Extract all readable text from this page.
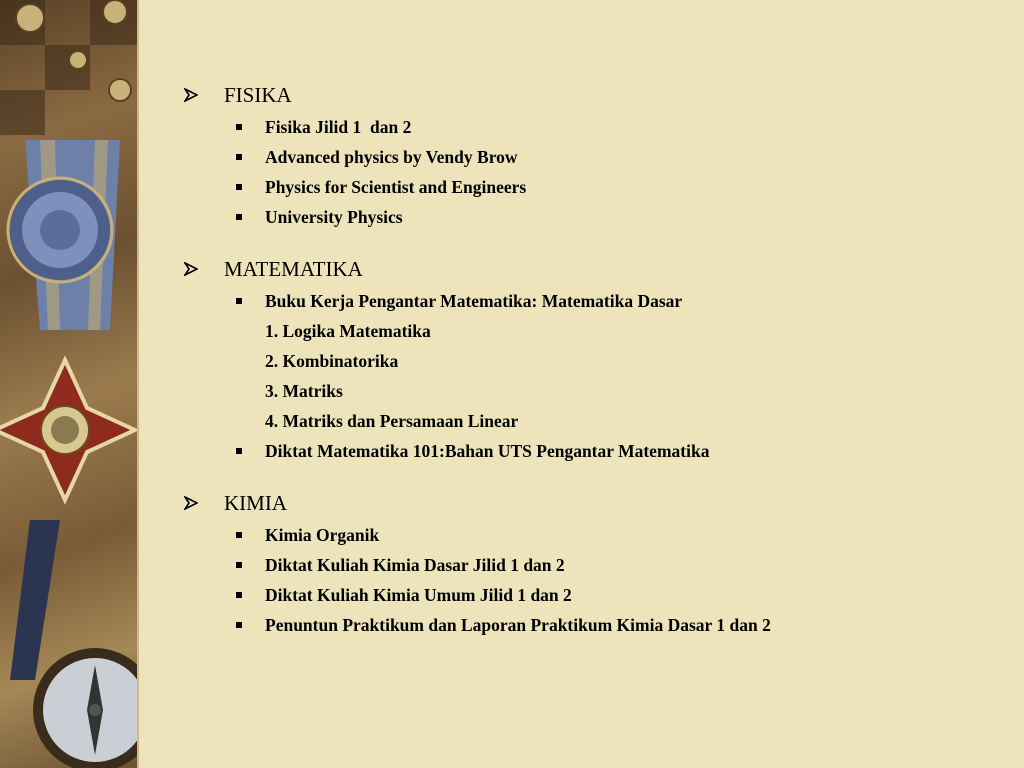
FISIKA
Fisika Jilid 1  dan 2
Advanced physics by Vendy Brow
Physics for Scientist and Engineers
University Physics
MATEMATIKA
Buku Kerja Pengantar Matematika: Matematika Dasar
1. Logika Matematika
2. Kombinatorika
3. Matriks
4. Matriks dan Persamaan Linear
Diktat Matematika 101:Bahan UTS Pengantar Matematika
KIMIA
Kimia Organik
Diktat Kuliah Kimia Dasar Jilid 1 dan 2
Diktat Kuliah Kimia Umum Jilid 1 dan 2
Penuntun Praktikum dan Laporan Praktikum Kimia Dasar 1 dan 2
